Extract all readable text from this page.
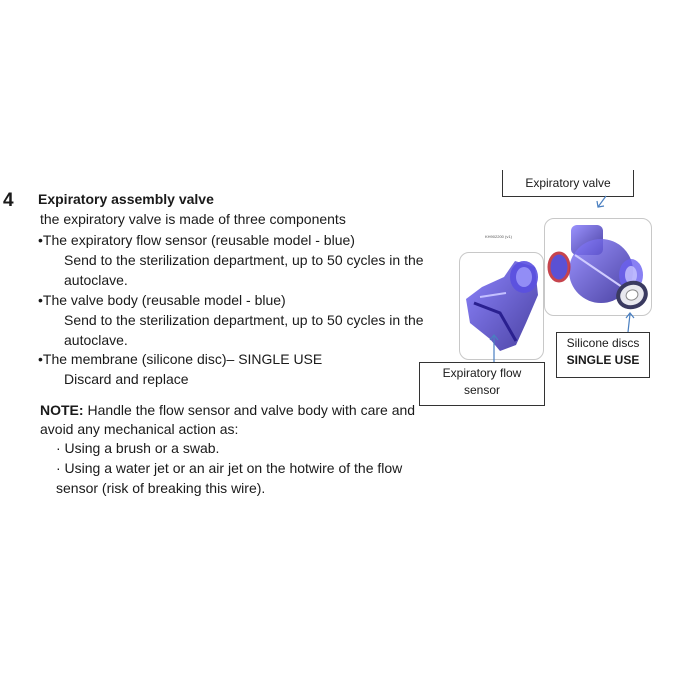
4 Expiratory assembly valve
the expiratory valve is made of three components
•The expiratory flow sensor (reusable model - blue)
Send to the sterilization department, up to 50 cycles in the
autoclave.
•The valve body (reusable model - blue)
Send to the sterilization department, up to 50 cycles in the
autoclave.
•The membrane (silicone disc)– SINGLE USE
Discard and replace
NOTE: Handle the flow sensor and valve body with care and
avoid any mechanical action as:
· Using a brush or a swab.
· Using a water jet or an air jet on the hotwire of the flow
sensor (risk of breaking this wire).
KH902200 (v1)
Expiratory valve
Expiratory flow
sensor
Silicone discs
SINGLE USE
